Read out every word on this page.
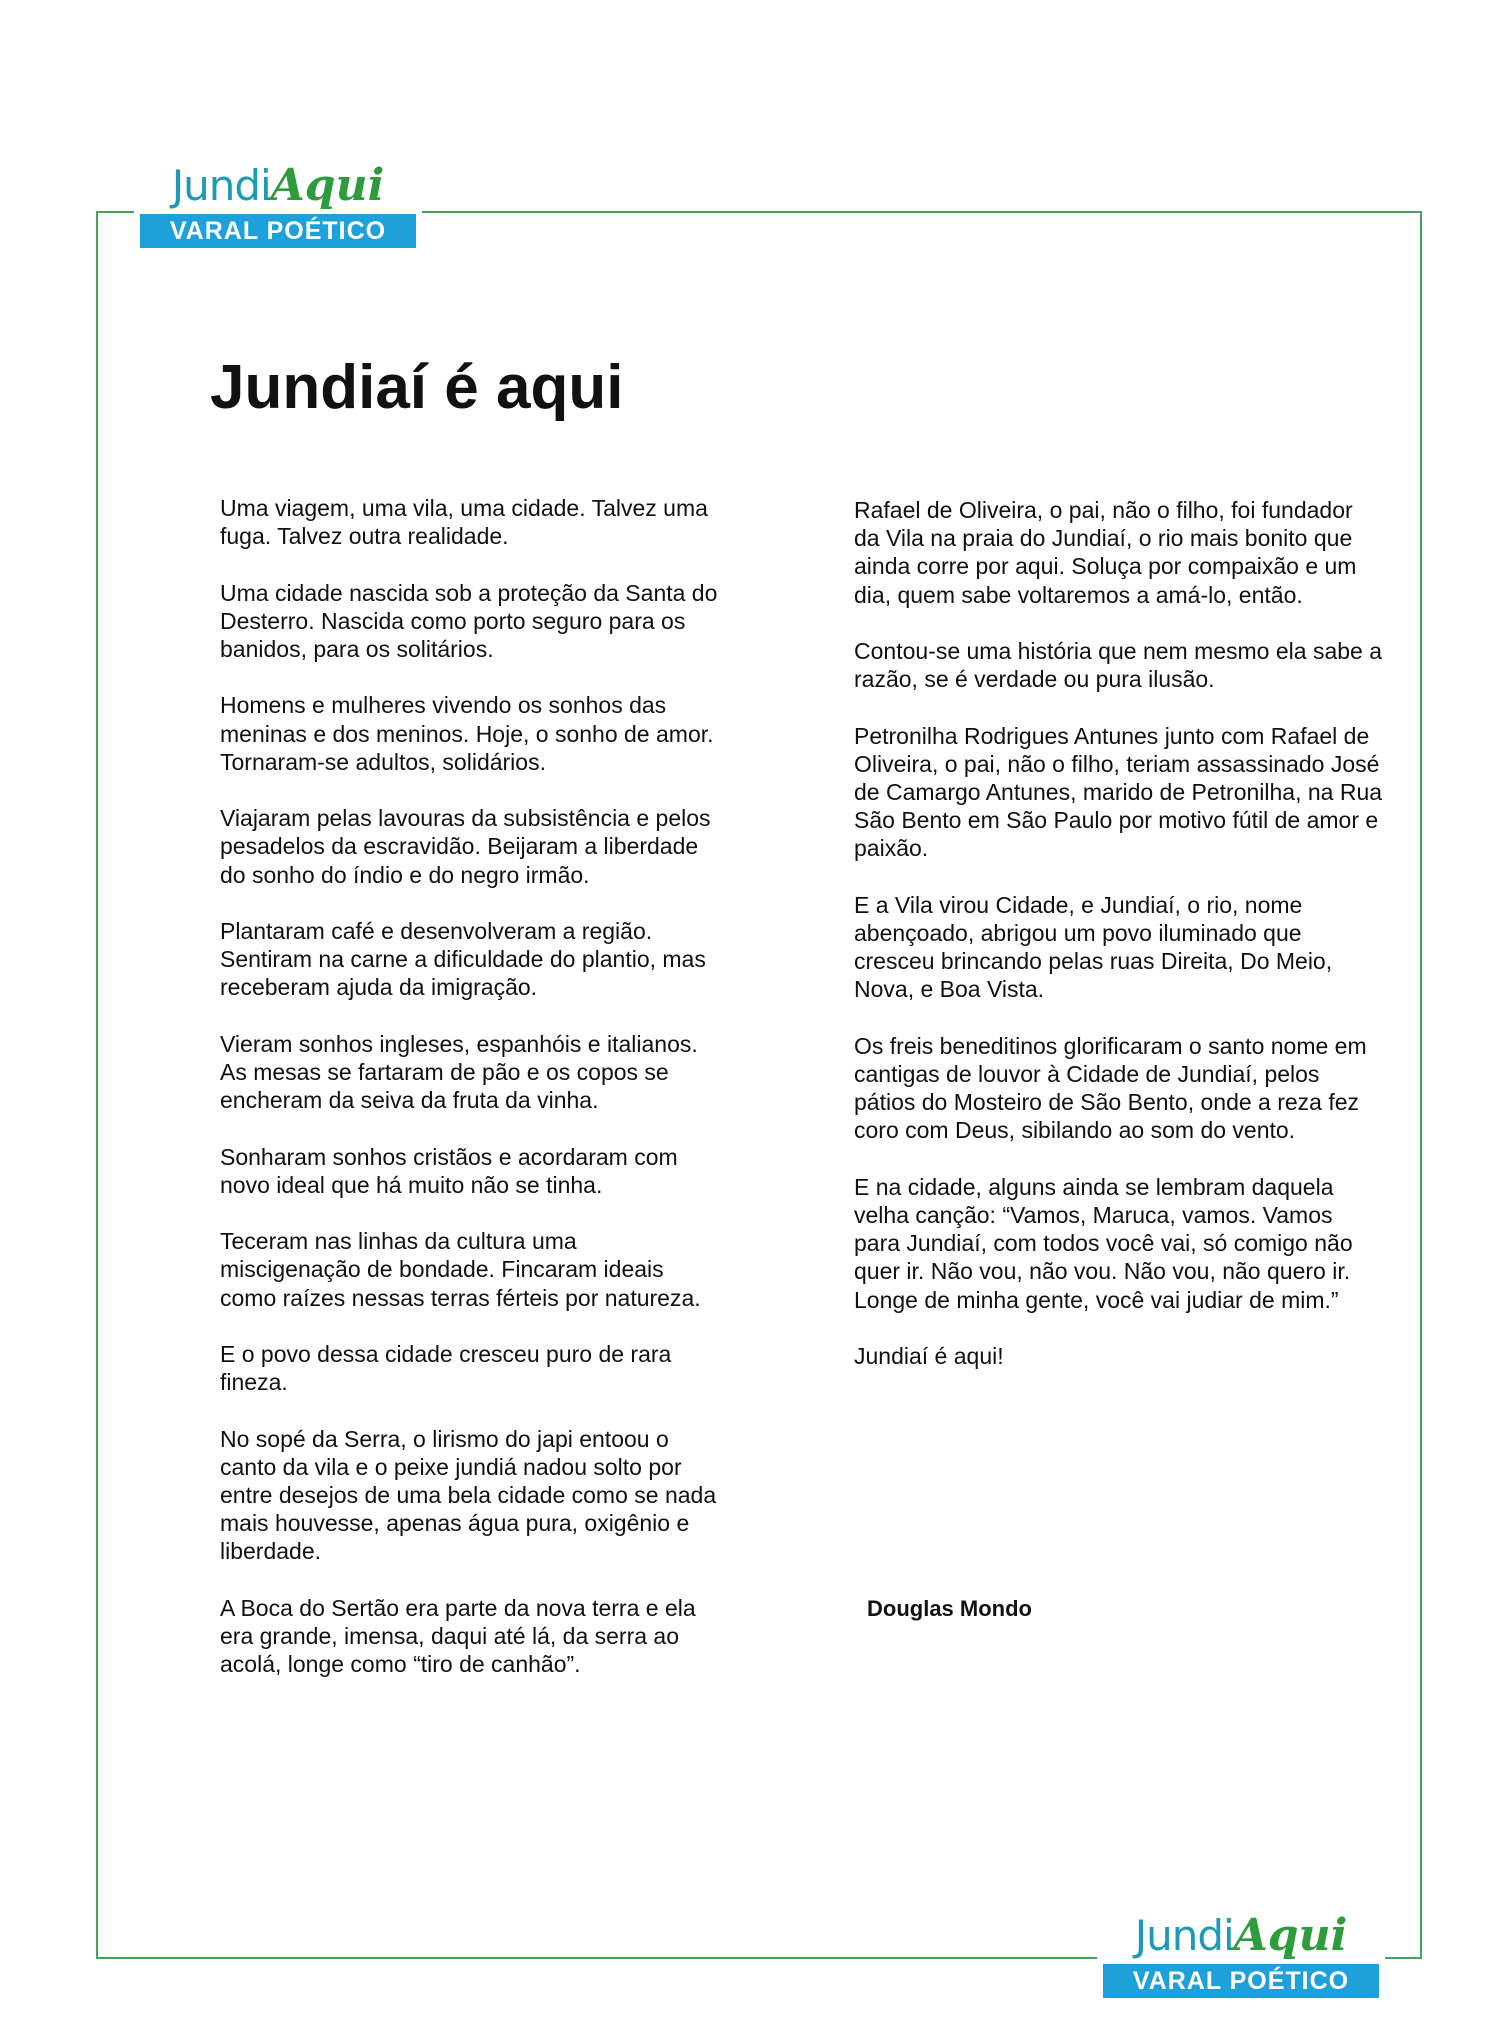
JundiAqui
VARAL POÉTICO
Jundiaí é aqui

Uma viagem, uma vila, uma cidade. Talvez uma fuga. Talvez outra realidade.

Uma cidade nascida sob a proteção da Santa do Desterro. Nascida como porto seguro para os banidos, para os solitários.

Homens e mulheres vivendo os sonhos das meninas e dos meninos. Hoje, o sonho de amor. Tornaram-se adultos, solidários.

Viajaram pelas lavouras da subsistência e pelos pesadelos da escravidão. Beijaram a liberdade do sonho do índio e do negro irmão.

Plantaram café e desenvolveram a região. Sentiram na carne a dificuldade do plantio, mas receberam ajuda da imigração.

Vieram sonhos ingleses, espanhóis e italianos. As mesas se fartaram de pão e os copos se encheram da seiva da fruta da vinha.

Sonharam sonhos cristãos e acordaram com novo ideal que há muito não se tinha.

Teceram nas linhas da cultura uma miscigenação de bondade. Fincaram ideais como raízes nessas terras férteis por natureza.

E o povo dessa cidade cresceu puro de rara fineza.

No sopé da Serra, o lirismo do japi entoou o canto da vila e o peixe jundiá nadou solto por entre desejos de uma bela cidade como se nada mais houvesse, apenas água pura, oxigênio e liberdade.

A Boca do Sertão era parte da nova terra e ela era grande, imensa, daqui até lá, da serra ao acolá, longe como “tiro de canhão”.

Rafael de Oliveira, o pai, não o filho, foi fundador da Vila na praia do Jundiaí, o rio mais bonito que ainda corre por aqui. Soluça por compaixão e um dia, quem sabe voltaremos a amá-lo, então.

Contou-se uma história que nem mesmo ela sabe a razão, se é verdade ou pura ilusão.

Petronilha Rodrigues Antunes junto com Rafael de Oliveira, o pai, não o filho, teriam assassinado José de Camargo Antunes, marido de Petronilha, na Rua São Bento em São Paulo por motivo fútil de amor e paixão.

E a Vila virou Cidade, e Jundiaí, o rio, nome abençoado, abrigou um povo iluminado que cresceu brincando pelas ruas Direita, Do Meio, Nova, e Boa Vista.

Os freis beneditinos glorificaram o santo nome em cantigas de louvor à Cidade de Jundiaí, pelos pátios do Mosteiro de São Bento, onde a reza fez coro com Deus, sibilando ao som do vento.

E na cidade, alguns ainda se lembram daquela velha canção: “Vamos, Maruca, vamos. Vamos para Jundiaí, com todos você vai, só comigo não quer ir. Não vou, não vou. Não vou, não quero ir. Longe de minha gente, você vai judiar de mim.”

Jundiaí é aqui!

Douglas Mondo
JundiAqui
VARAL POÉTICO
